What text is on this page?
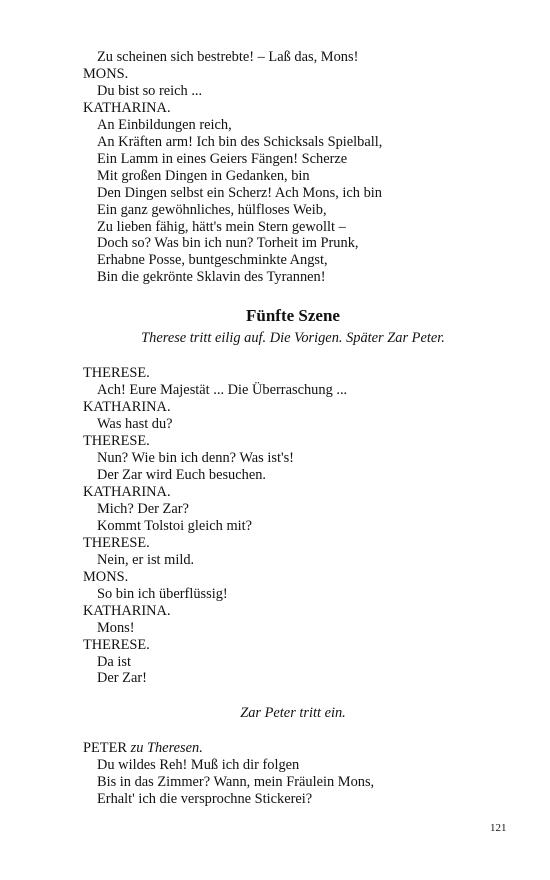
Zu scheinen sich bestrebte! – Laß das, Mons!
MONS.
Du bist so reich ...
KATHARINA.
An Einbildungen reich,
An Kräften arm! Ich bin des Schicksals Spielball,
Ein Lamm in eines Geiers Fängen! Scherze
Mit großen Dingen in Gedanken, bin
Den Dingen selbst ein Scherz! Ach Mons, ich bin
Ein ganz gewöhnliches, hülfloses Weib,
Zu lieben fähig, hätt's mein Stern gewollt –
Doch so? Was bin ich nun? Torheit im Prunk,
Erhabne Posse, buntgeschminkte Angst,
Bin die gekrönte Sklavin des Tyrannen!
Fünfte Szene
Therese tritt eilig auf. Die Vorigen. Später Zar Peter.
THERESE.
Ach! Eure Majestät ... Die Überraschung ...
KATHARINA.
Was hast du?
THERESE.
Nun? Wie bin ich denn? Was ist's!
Der Zar wird Euch besuchen.
KATHARINA.
Mich? Der Zar?
Kommt Tolstoi gleich mit?
THERESE.
Nein, er ist mild.
MONS.
So bin ich überflüssig!
KATHARINA.
Mons!
THERESE.
Da ist
Der Zar!
Zar Peter tritt ein.
PETER zu Theresen.
Du wildes Reh! Muß ich dir folgen
Bis in das Zimmer? Wann, mein Fräulein Mons,
Erhalt' ich die versprochne Stickerei?
121
